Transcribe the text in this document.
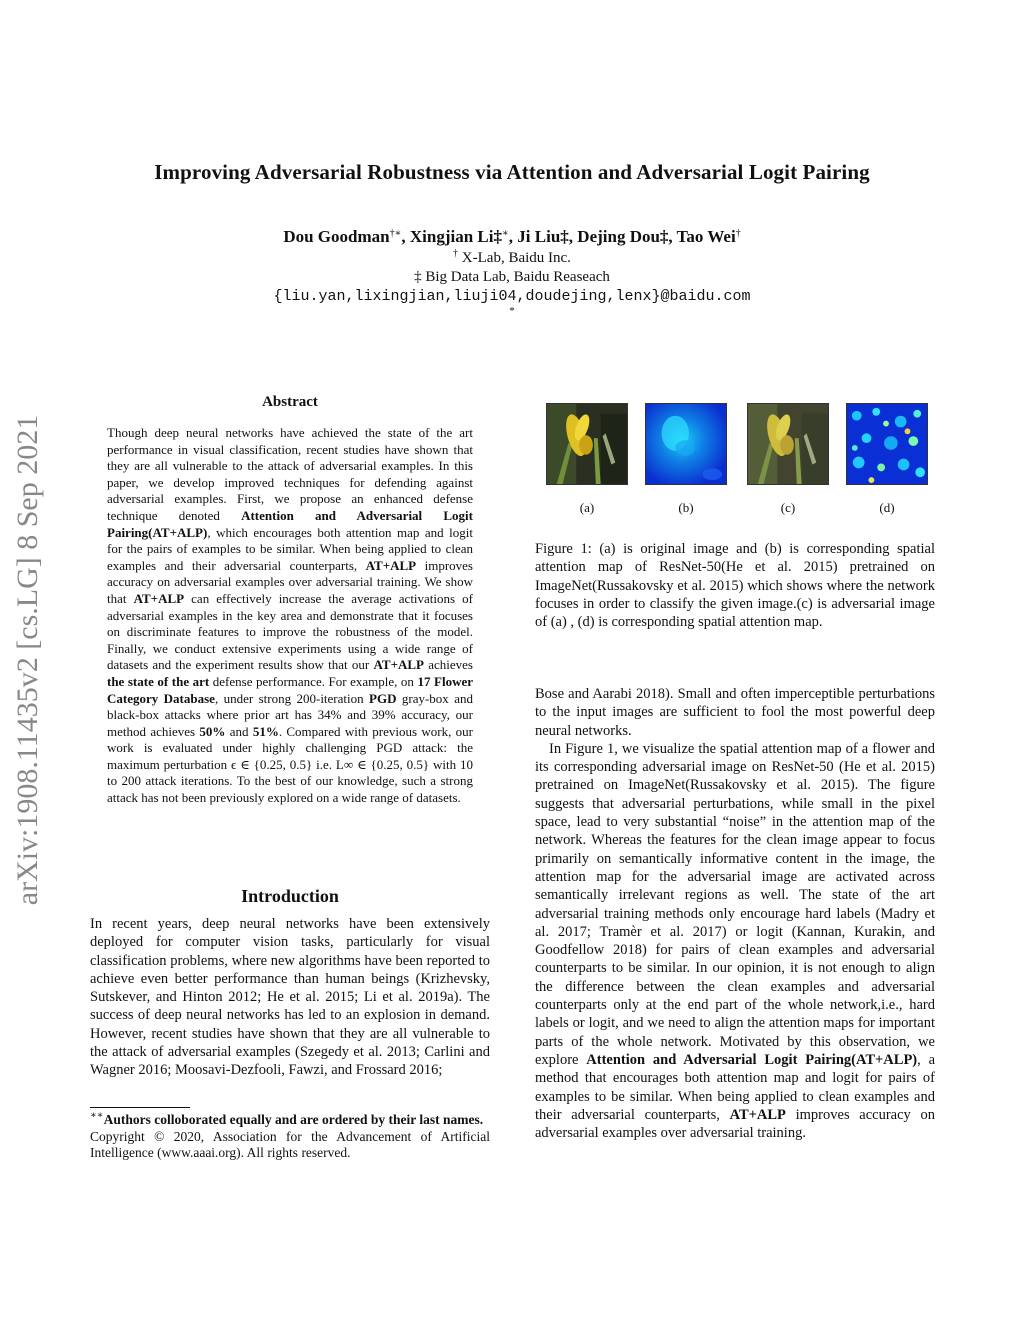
Improving Adversarial Robustness via Attention and Adversarial Logit Pairing
Dou Goodman†∗, Xingjian Li‡∗, Ji Liu‡, Dejing Dou‡, Tao Wei†
† X-Lab, Baidu Inc.
‡ Big Data Lab, Baidu Reaseach
{liu.yan,lixingjian,liuji04,doudejing,lenx}@baidu.com
*
arXiv:1908.11435v2 [cs.LG] 8 Sep 2021
Abstract
Though deep neural networks have achieved the state of the art performance in visual classification, recent studies have shown that they are all vulnerable to the attack of adversarial examples. In this paper, we develop improved techniques for defending against adversarial examples. First, we propose an enhanced defense technique denoted Attention and Adversarial Logit Pairing(AT+ALP), which encourages both attention map and logit for the pairs of examples to be similar. When being applied to clean examples and their adversarial counterparts, AT+ALP improves accuracy on adversarial examples over adversarial training. We show that AT+ALP can effectively increase the average activations of adversarial examples in the key area and demonstrate that it focuses on discriminate features to improve the robustness of the model. Finally, we conduct extensive experiments using a wide range of datasets and the experiment results show that our AT+ALP achieves the state of the art defense performance. For example, on 17 Flower Category Database, under strong 200-iteration PGD gray-box and black-box attacks where prior art has 34% and 39% accuracy, our method achieves 50% and 51%. Compared with previous work, our work is evaluated under highly challenging PGD attack: the maximum perturbation ϵ ∈ {0.25, 0.5} i.e. L∞ ∈ {0.25, 0.5} with 10 to 200 attack iterations. To the best of our knowledge, such a strong attack has not been previously explored on a wide range of datasets.
Introduction
In recent years, deep neural networks have been extensively deployed for computer vision tasks, particularly for visual classification problems, where new algorithms have been reported to achieve even better performance than human beings (Krizhevsky, Sutskever, and Hinton 2012; He et al. 2015; Li et al. 2019a). The success of deep neural networks has led to an explosion in demand. However, recent studies have shown that they are all vulnerable to the attack of adversarial examples (Szegedy et al. 2013; Carlini and Wagner 2016; Moosavi-Dezfooli, Fawzi, and Frossard 2016;
∗∗Authors colloborated equally and are ordered by their last names.
Copyright © 2020, Association for the Advancement of Artificial Intelligence (www.aaai.org). All rights reserved.
(a)	(b)	(c)	(d)
Figure 1: (a) is original image and (b) is corresponding spatial attention map of ResNet-50(He et al. 2015) pretrained on ImageNet(Russakovsky et al. 2015) which shows where the network focuses in order to classify the given image.(c) is adversarial image of (a) , (d) is corresponding spatial attention map.

Bose and Aarabi 2018). Small and often imperceptible perturbations to the input images are sufficient to fool the most powerful deep neural networks.

In Figure 1, we visualize the spatial attention map of a flower and its corresponding adversarial image on ResNet-50 (He et al. 2015) pretrained on ImageNet(Russakovsky et al. 2015). The figure suggests that adversarial perturbations, while small in the pixel space, lead to very substantial “noise” in the attention map of the network. Whereas the features for the clean image appear to focus primarily on semantically informative content in the image, the attention map for the adversarial image are activated across semantically irrelevant regions as well. The state of the art adversarial training methods only encourage hard labels (Madry et al. 2017; Tramèr et al. 2017) or logit (Kannan, Kurakin, and Goodfellow 2018) for pairs of clean examples and adversarial counterparts to be similar. In our opinion, it is not enough to align the difference between the clean examples and adversarial counterparts only at the end part of the whole network,i.e., hard labels or logit, and we need to align the attention maps for important parts of the whole network. Motivated by this observation, we explore Attention and Adversarial Logit Pairing(AT+ALP), a method that encourages both attention map and logit for pairs of examples to be similar. When being applied to clean examples and their adversarial counterparts, AT+ALP improves accuracy on adversarial examples over adversarial training.
